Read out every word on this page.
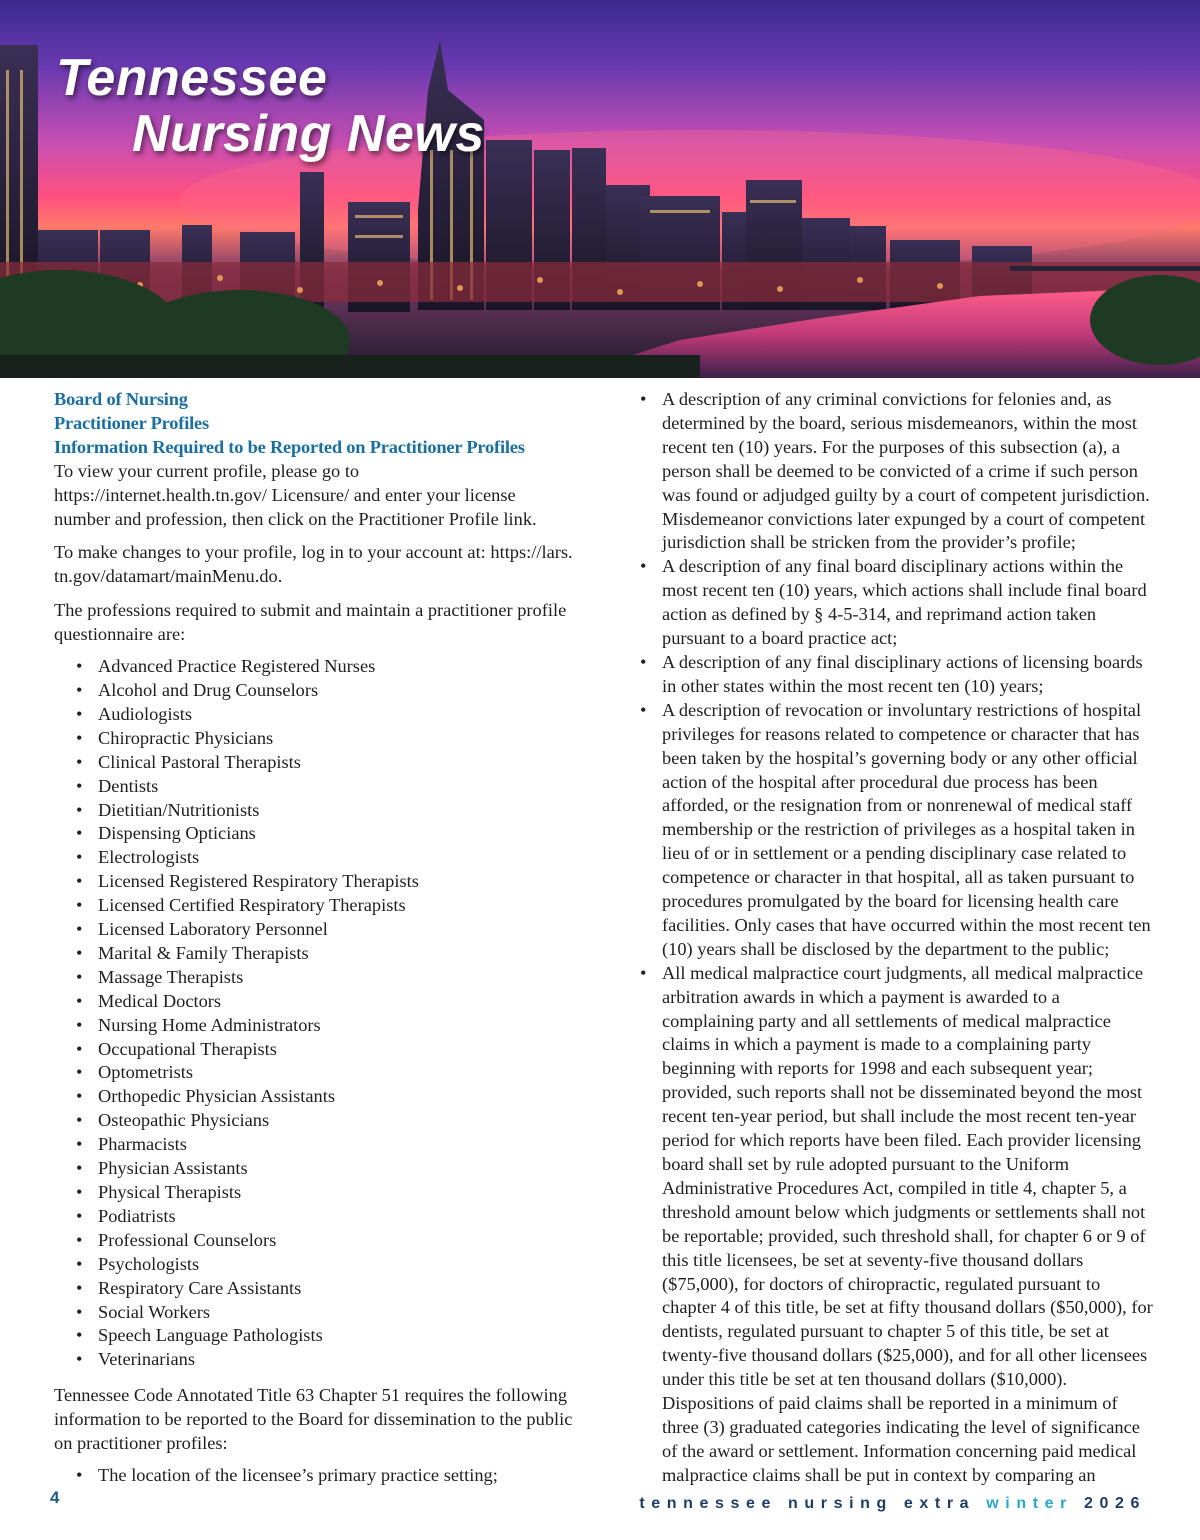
Tennessee
Nursing News
Board of Nursing
Practitioner Profiles
Information Required to be Reported on Practitioner Profiles

To view your current profile, please go to https://internet.health.tn.gov/ Licensure/ and enter your license number and profession, then click on the Practitioner Profile link.

To make changes to your profile, log in to your account at: https://lars. tn.gov/datamart/mainMenu.do.

The professions required to submit and maintain a practitioner profile questionnaire are:

• Advanced Practice Registered Nurses
• Alcohol and Drug Counselors
• Audiologists
• Chiropractic Physicians
• Clinical Pastoral Therapists
• Dentists
• Dietitian/Nutritionists
• Dispensing Opticians
• Electrologists
• Licensed Registered Respiratory Therapists
• Licensed Certified Respiratory Therapists
• Licensed Laboratory Personnel
• Marital & Family Therapists
• Massage Therapists
• Medical Doctors
• Nursing Home Administrators
• Occupational Therapists
• Optometrists
• Orthopedic Physician Assistants
• Osteopathic Physicians
• Pharmacists
• Physician Assistants
• Physical Therapists
• Podiatrists
• Professional Counselors
• Psychologists
• Respiratory Care Assistants
• Social Workers
• Speech Language Pathologists
• Veterinarians

Tennessee Code Annotated Title 63 Chapter 51 requires the following information to be reported to the Board for dissemination to the public on practitioner profiles:

• The location of the licensee’s primary practice setting;
• A description of any criminal convictions for felonies and, as determined by the board, serious misdemeanors, within the most recent ten (10) years. For the purposes of this subsection (a), a person shall be deemed to be convicted of a crime if such person was found or adjudged guilty by a court of competent jurisdiction. Misdemeanor convictions later expunged by a court of competent jurisdiction shall be stricken from the provider’s profile;
• A description of any final board disciplinary actions within the most recent ten (10) years, which actions shall include final board action as defined by § 4-5-314, and reprimand action taken pursuant to a board practice act;
• A description of any final disciplinary actions of licensing boards in other states within the most recent ten (10) years;
• A description of revocation or involuntary restrictions of hospital privileges for reasons related to competence or character that has been taken by the hospital’s governing body or any other official action of the hospital after procedural due process has been afforded, or the resignation from or nonrenewal of medical staff membership or the restriction of privileges as a hospital taken in lieu of or in settlement or a pending disciplinary case related to competence or character in that hospital, all as taken pursuant to procedures promulgated by the board for licensing health care facilities. Only cases that have occurred within the most recent ten (10) years shall be disclosed by the department to the public;
• All medical malpractice court judgments, all medical malpractice arbitration awards in which a payment is awarded to a complaining party and all settlements of medical malpractice claims in which a payment is made to a complaining party beginning with reports for 1998 and each subsequent year; provided, such reports shall not be disseminated beyond the most recent ten-year period, but shall include the most recent ten-year period for which reports have been filed. Each provider licensing board shall set by rule adopted pursuant to the Uniform Administrative Procedures Act, compiled in title 4, chapter 5, a threshold amount below which judgments or settlements shall not be reportable; provided, such threshold shall, for chapter 6 or 9 of this title licensees, be set at seventy-five thousand dollars ($75,000), for doctors of chiropractic, regulated pursuant to chapter 4 of this title, be set at fifty thousand dollars ($50,000), for dentists, regulated pursuant to chapter 5 of this title, be set at twenty-five thousand dollars ($25,000), and for all other licensees under this title be set at ten thousand dollars ($10,000). Dispositions of paid claims shall be reported in a minimum of three (3) graduated categories indicating the level of significance of the award or settlement. Information concerning paid medical malpractice claims shall be put in context by comparing an
4	tennessee nursing extra winter 2026
